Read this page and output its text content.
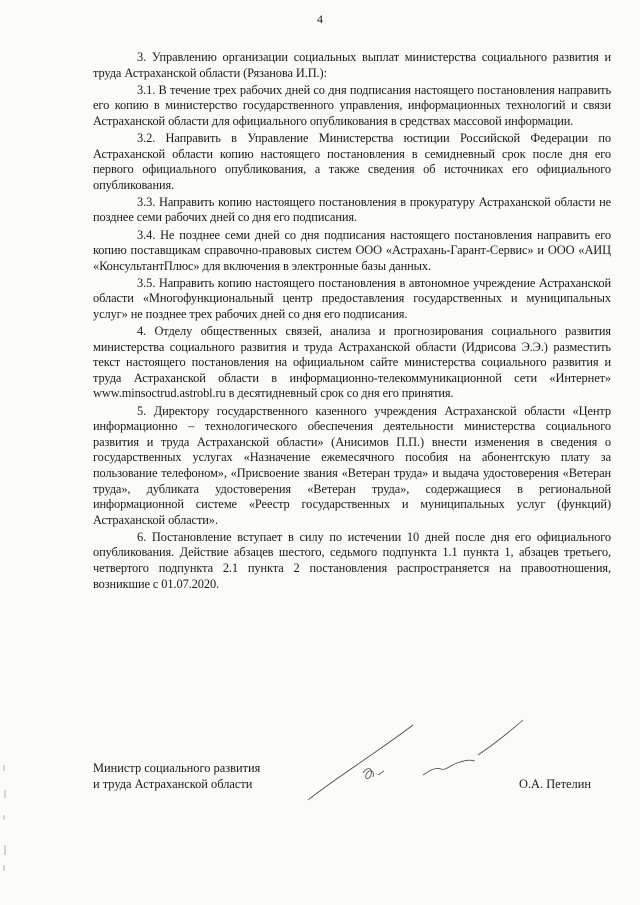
4

3. Управлению организации социальных выплат министерства социального развития и труда Астраханской области (Рязанова И.П.):

3.1. В течение трех рабочих дней со дня подписания настоящего постановления направить его копию в министерство государственного управления, информационных технологий и связи Астраханской области для официального опубликования в средствах массовой информации.

3.2. Направить в Управление Министерства юстиции Российской Федерации по Астраханской области копию настоящего постановления в семидневный срок после дня его первого официального опубликования, а также сведения об источниках его официального опубликования.

3.3. Направить копию настоящего постановления в прокуратуру Астраханской области не позднее семи рабочих дней со дня его подписания.

3.4. Не позднее семи дней со дня подписания настоящего постановления направить его копию поставщикам справочно-правовых систем ООО «Астрахань-Гарант-Сервис» и ООО «АИЦ «КонсультантПлюс» для включения в электронные базы данных.

3.5. Направить копию настоящего постановления в автономное учреждение Астраханской области «Многофункциональный центр предоставления государственных и муниципальных услуг» не позднее трех рабочих дней со дня его подписания.

4. Отделу общественных связей, анализа и прогнозирования социального развития министерства социального развития и труда Астраханской области (Идрисова Э.Э.) разместить текст настоящего постановления на официальном сайте министерства социального развития и труда Астраханской области в информационно-телекоммуникационной сети «Интернет» www.minsoctrud.astrobl.ru в десятидневный срок со дня его принятия.

5. Директору государственного казенного учреждения Астраханской области «Центр информационно – технологического обеспечения деятельности министерства социального развития и труда Астраханской области» (Анисимов П.П.) внести изменения в сведения о государственных услугах «Назначение ежемесячного пособия на абонентскую плату за пользование телефоном», «Присвоение звания «Ветеран труда» и выдача удостоверения «Ветеран труда», дубликата удостоверения «Ветеран труда», содержащиеся в региональной информационной системе «Реестр государственных и муниципальных услуг (функций) Астраханской области».

6. Постановление вступает в силу по истечении 10 дней после дня его официального опубликования. Действие абзацев шестого, седьмого подпункта 1.1 пункта 1, абзацев третьего, четвертого подпункта 2.1 пункта 2 постановления распространяется на правоотношения, возникшие с 01.07.2020.

Министр социального развития
и труда Астраханской области	О.А. Петелин
